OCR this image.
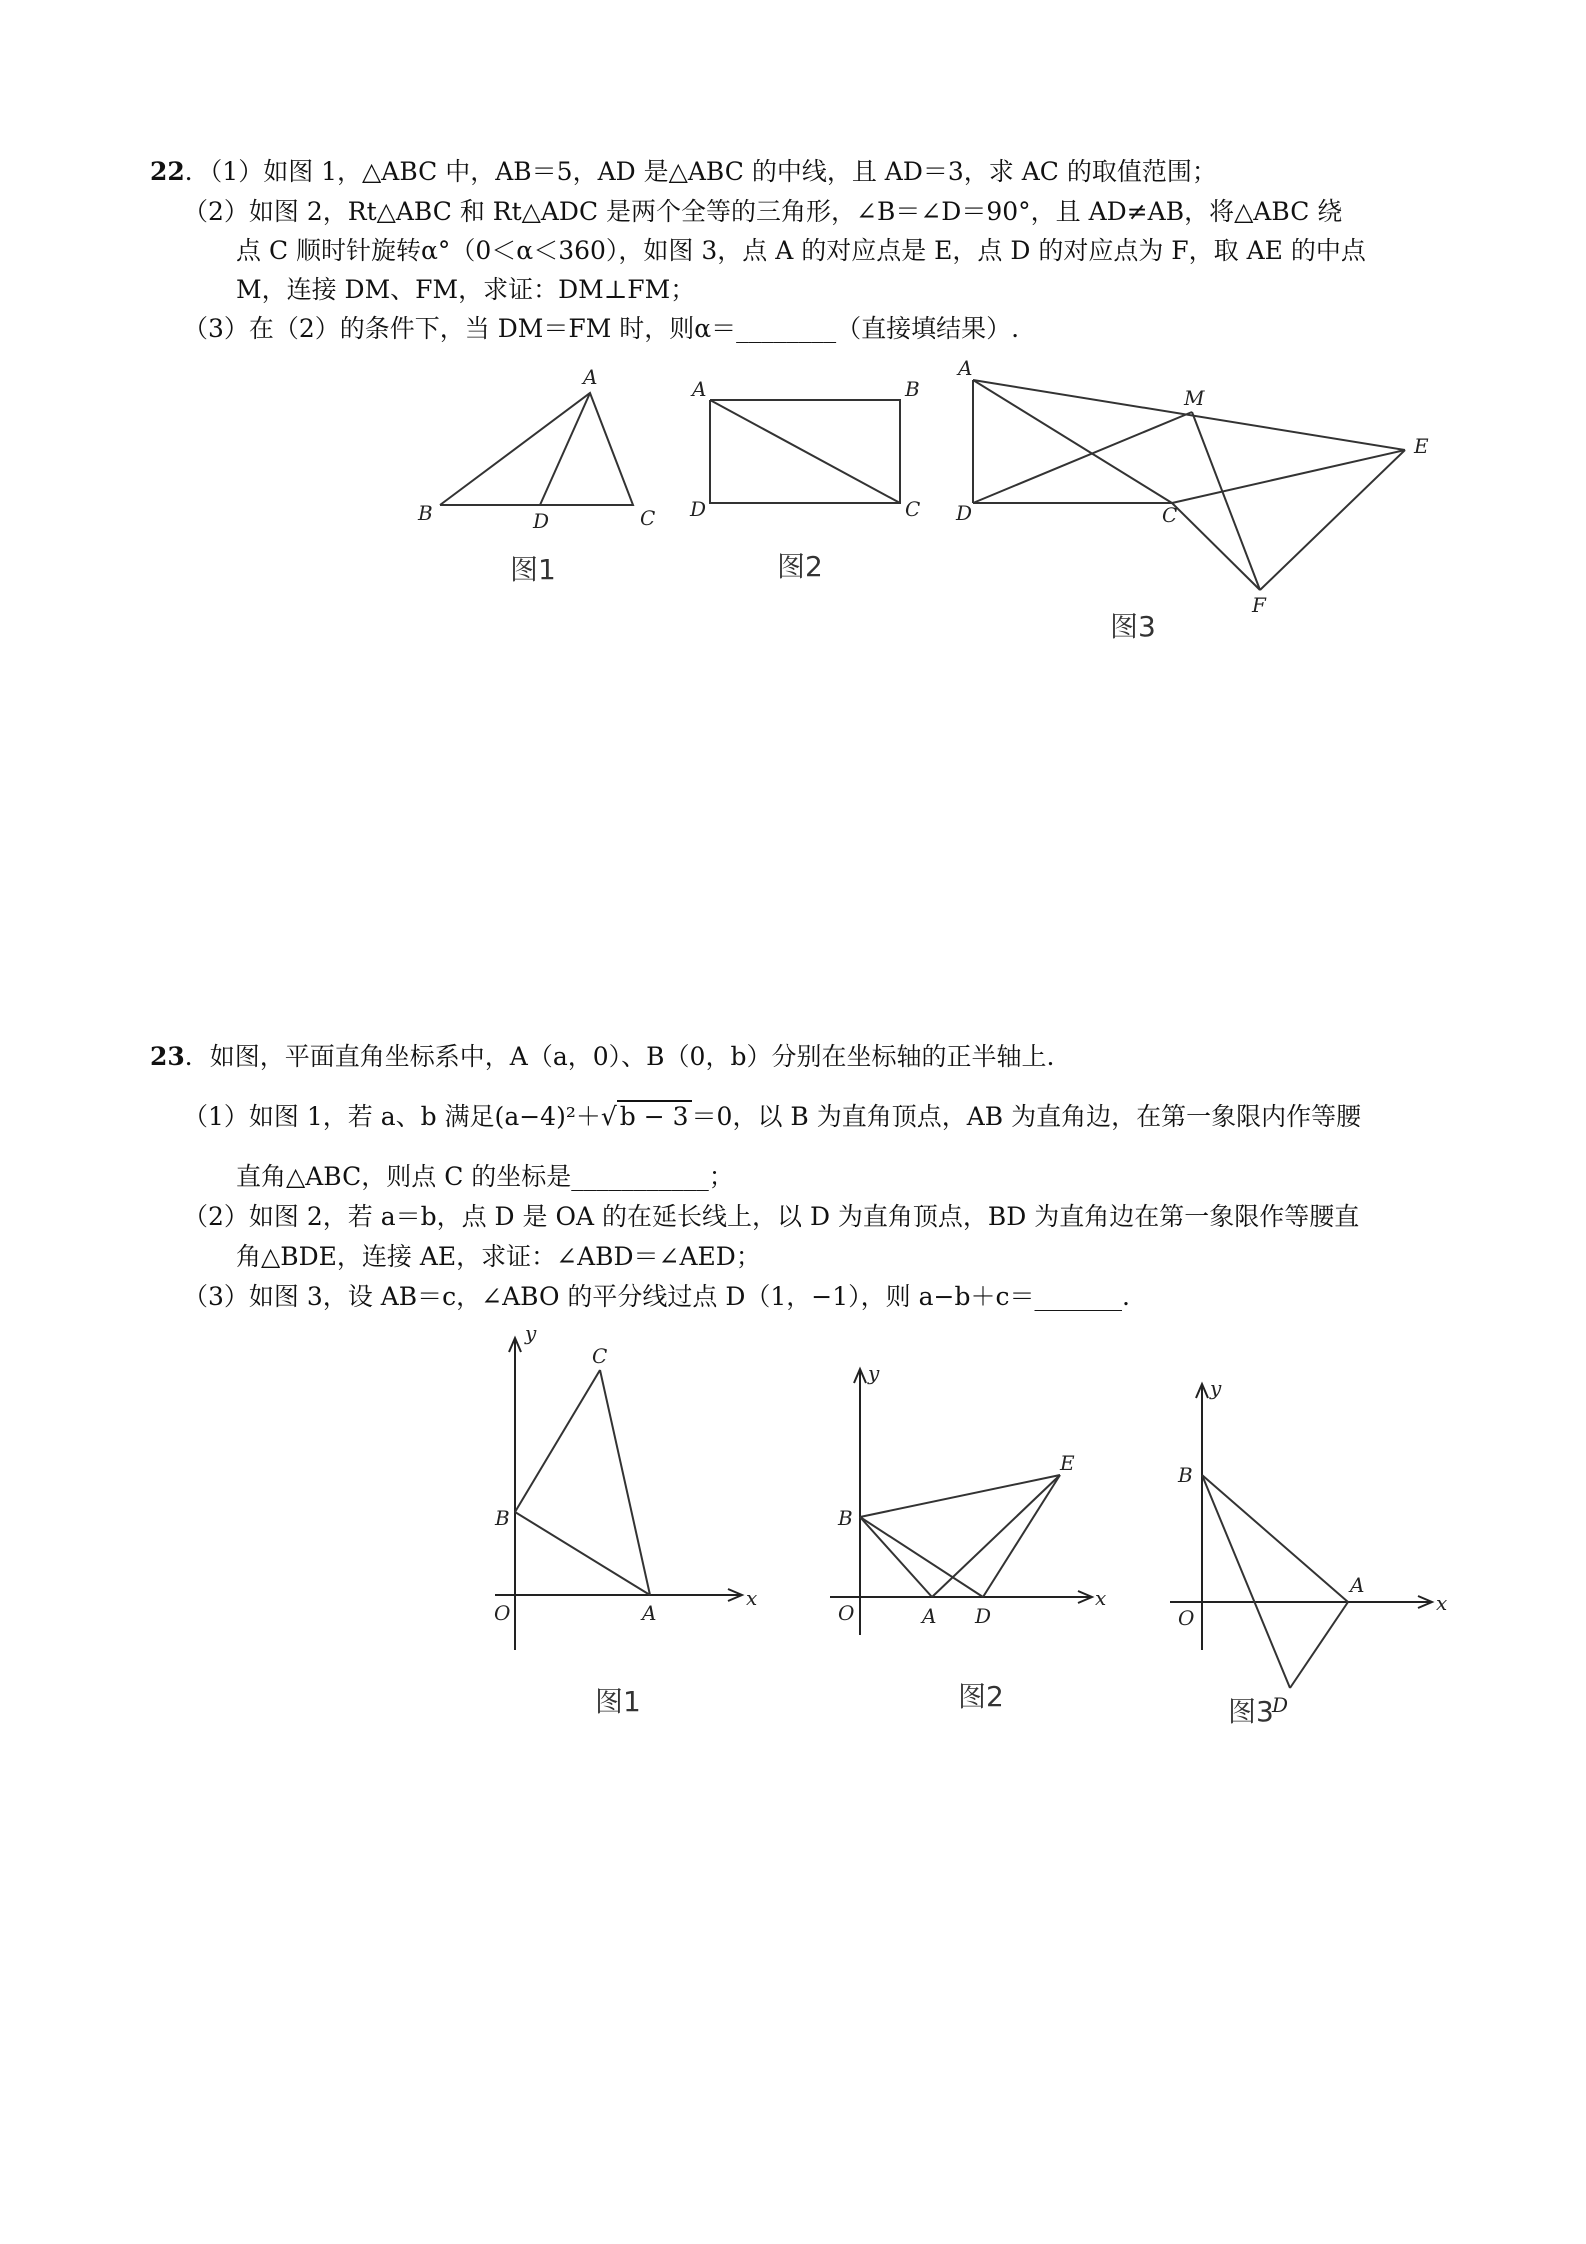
22．（1）如图 1，△ABC 中，AB＝5，AD 是△ABC 的中线，且 AD＝3，求 AC 的取值范围；
（2）如图 2，Rt△ABC 和 Rt△ADC 是两个全等的三角形，∠B＝∠D＝90°，且 AD≠AB，将△ABC 绕
点 C 顺时针旋转α°（0＜α＜360），如图 3，点 A 的对应点是 E，点 D 的对应点为 F，取 AE 的中点
M，连接 DM、FM，求证：DM⊥FM；
（3）在（2）的条件下，当 DM＝FM 时，则α＝________（直接填结果）.
A
B	D	C
图1
A	B
D	C
图2
A
M
E
D	C
F
图3
23．如图，平面直角坐标系中，A（a，0）、B（0，b）分别在坐标轴的正半轴上.
（1）如图 1，若 a、b 满足(a−4)²＋√ b − 3 ＝0，以 B 为直角顶点，AB 为直角边，在第一象限内作等腰
直角△ABC，则点 C 的坐标是___________；
（2）如图 2，若 a＝b，点 D 是 OA 的在延长线上，以 D 为直角顶点，BD 为直角边在第一象限作等腰直
角△BDE，连接 AE，求证：∠ABD＝∠AED；
（3）如图 3，设 AB＝c，∠ABO 的平分线过点 D（1，−1），则 a−b＋c＝_______.
y
C
B
O	A
x
图1
y
E
B
O	A D
x
图2
y
B
A
O
x
D
图3
